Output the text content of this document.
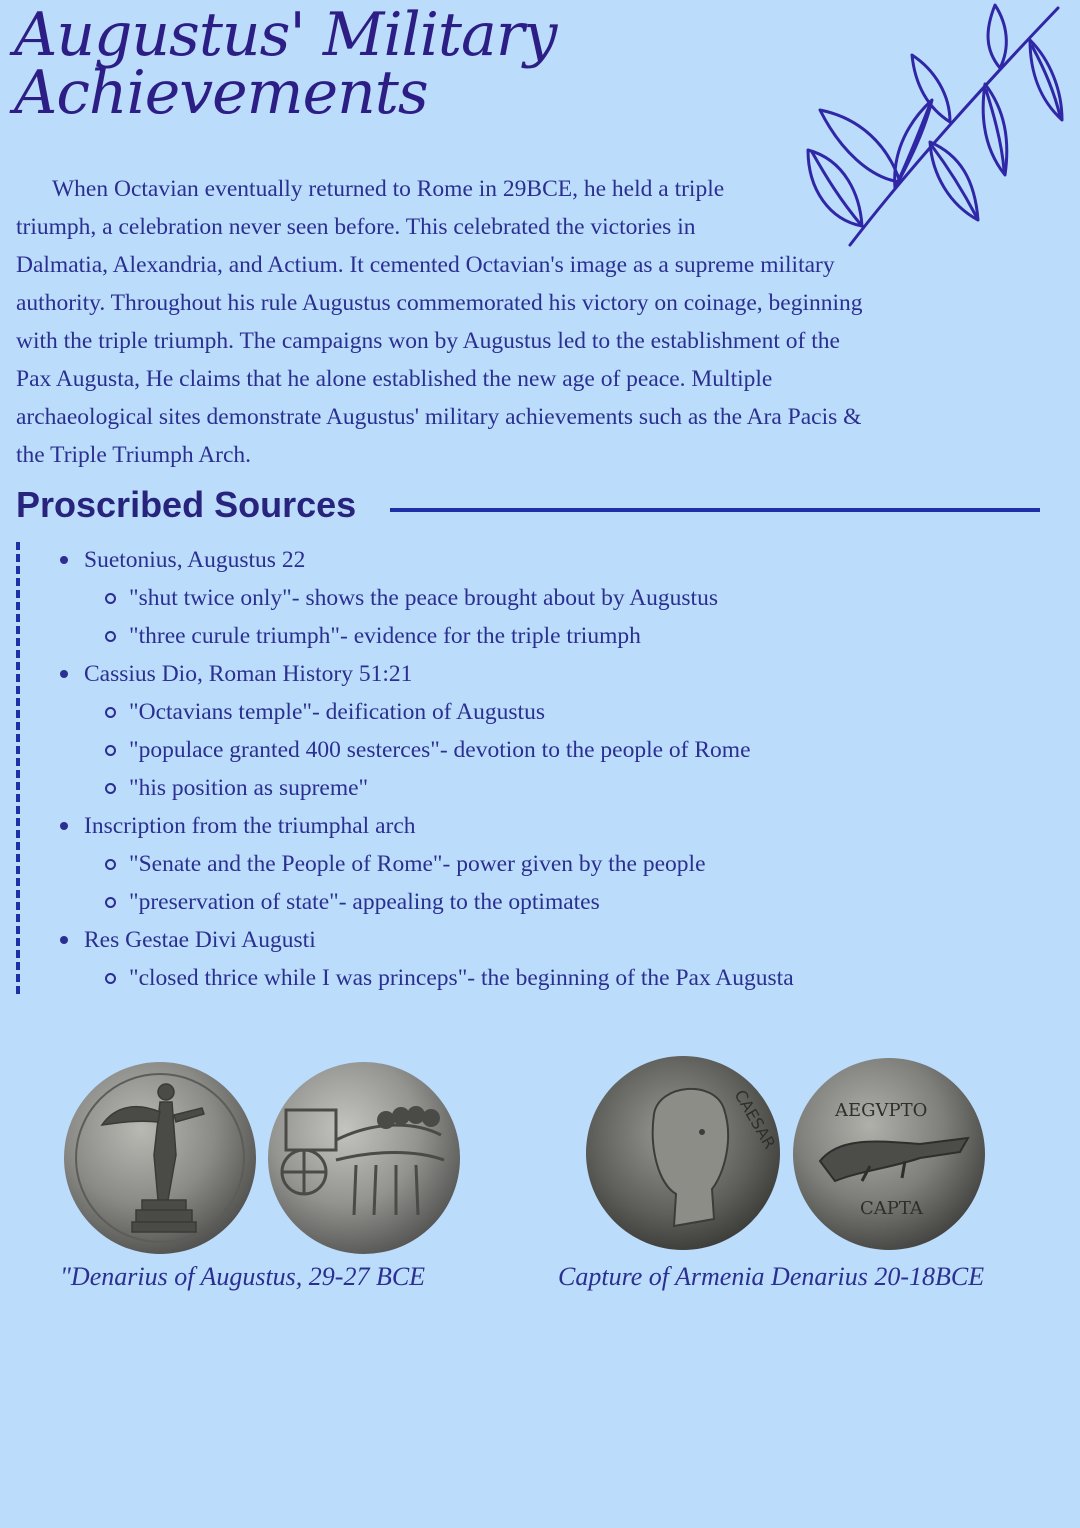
Augustus' Military
Achievements

When Octavian eventually returned to Rome in 29BCE, he held a triple
triumph, a celebration never seen before. This celebrated the victories in
Dalmatia, Alexandria, and Actium. It cemented Octavian's image as a supreme military
authority. Throughout his rule Augustus commemorated his victory on coinage, beginning
with the triple triumph. The campaigns won by Augustus led to the establishment of the
Pax Augusta, He claims that he alone established the new age of peace. Multiple
archaeological sites demonstrate Augustus' military achievements such as the Ara Pacis &
the Triple Triumph Arch.

Proscribed Sources
Suetonius, Augustus 22
"shut twice only"- shows the peace brought about by Augustus
"three curule triumph"- evidence for the triple triumph
Cassius Dio, Roman History 51:21
"Octavians temple"- deification of Augustus
"populace granted 400 sesterces"- devotion to the people of Rome
"his position as supreme"
Inscription from the triumphal arch
"Senate and the People of Rome"- power given by the people
"preservation of state"- appealing to the optimates
Res Gestae Divi Augusti
"closed thrice while I was princeps"- the beginning of the Pax Augusta
CAESAR	AEGVPTO
CAPTA

"Denarius of Augustus, 29-27 BCE	Capture of Armenia Denarius 20-18BCE
